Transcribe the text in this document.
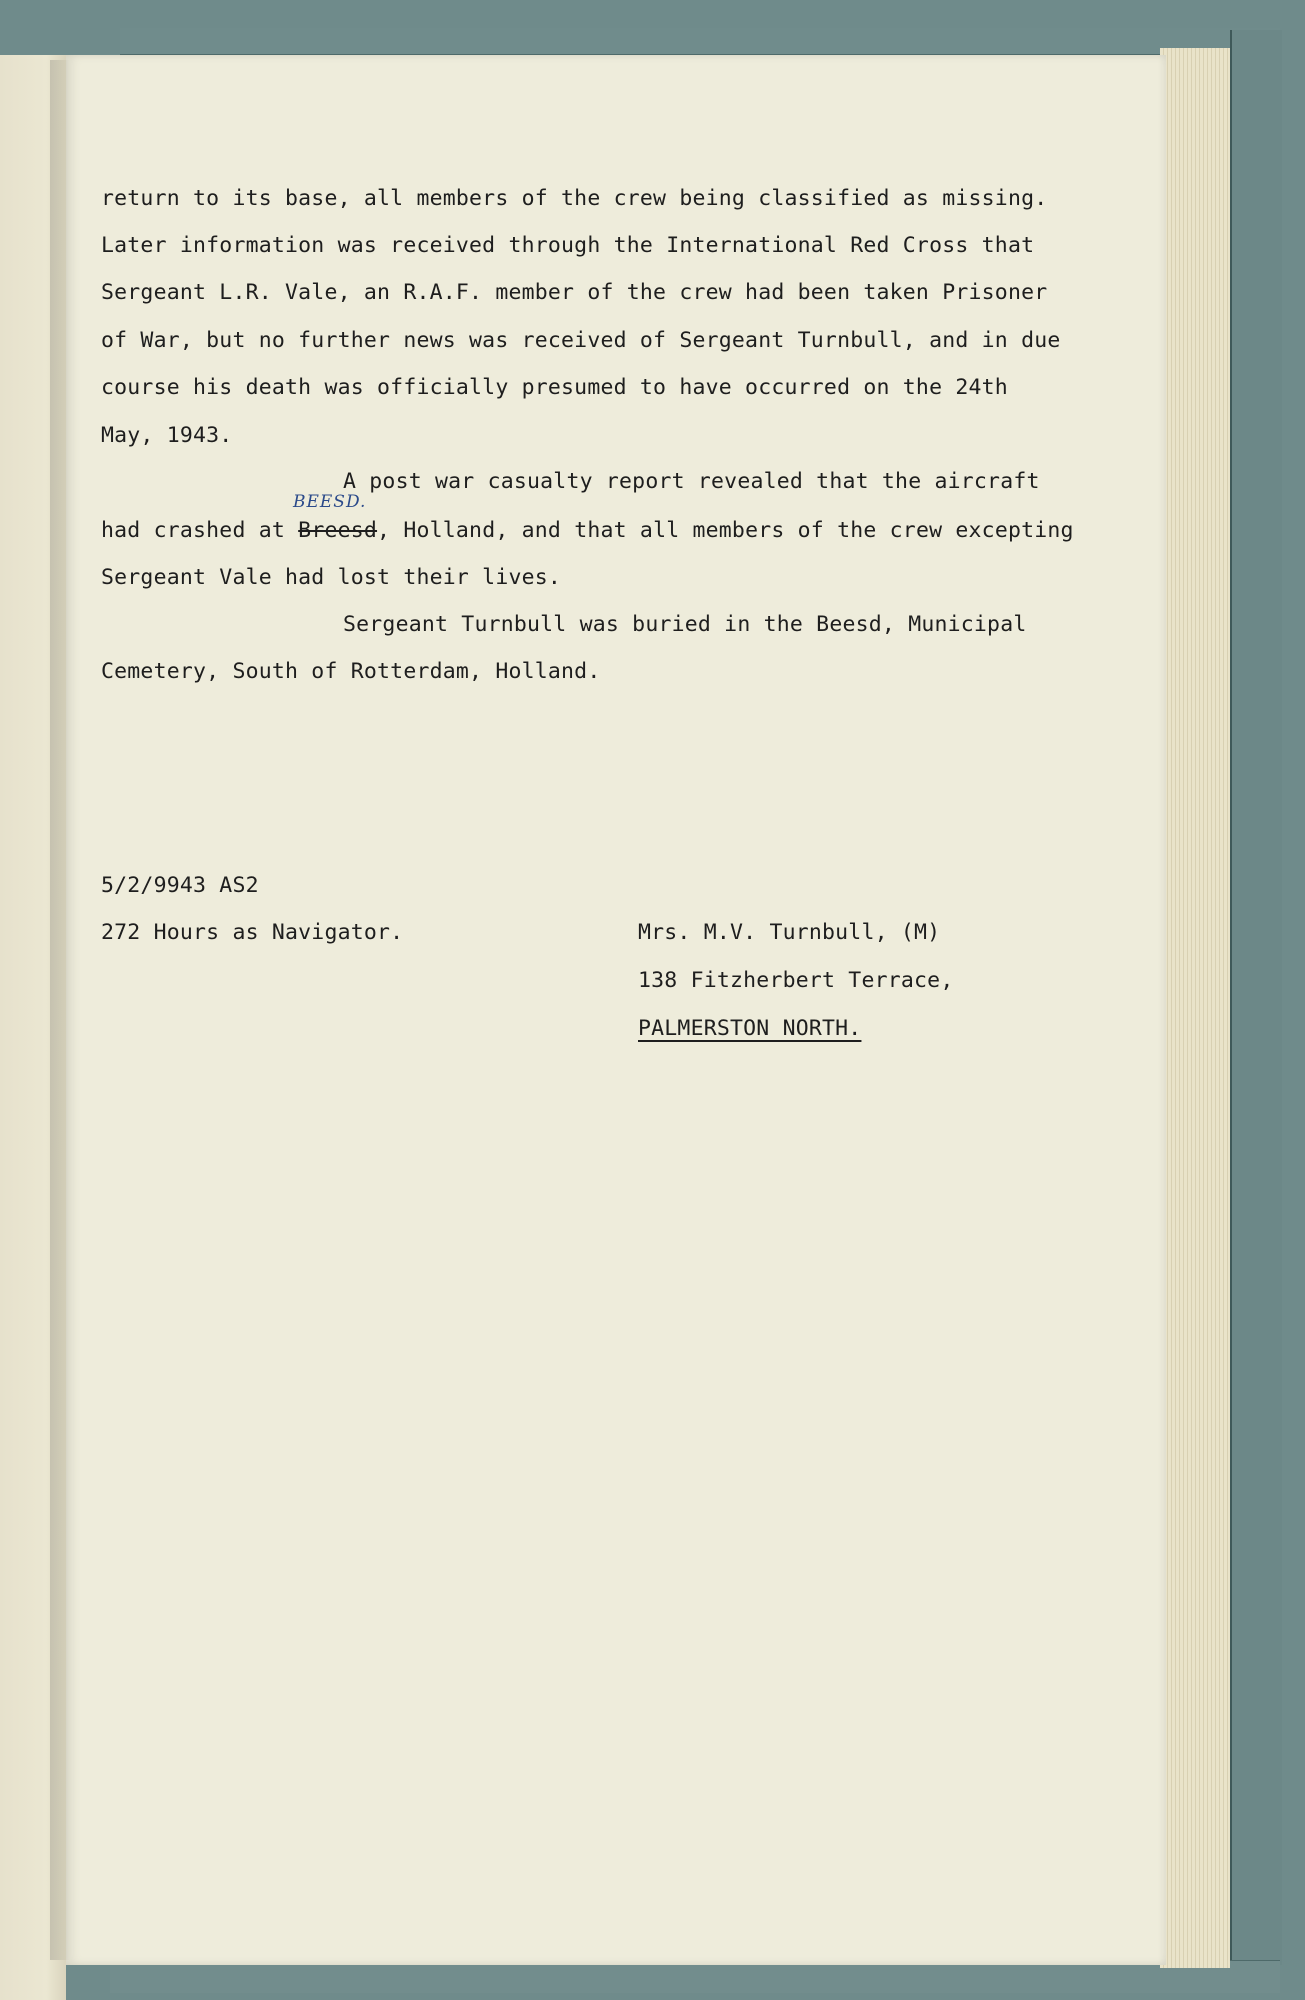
return to its base, all members of the crew being classified as missing.
Later information was received through the International Red Cross that
Sergeant L.R. Vale, an R.A.F. member of the crew had been taken Prisoner
of War, but no further news was received of Sergeant Turnbull, and in due
course his death was officially presumed to have occurred on the 24th
May, 1943.
A post war casualty report revealed that the aircraft
BEESD.
had crashed at Breesd, Holland, and that all members of the crew excepting
Sergeant Vale had lost their lives.
Sergeant Turnbull was buried in the Beesd, Municipal
Cemetery, South of Rotterdam, Holland.
5/2/9943 AS2
272 Hours as Navigator.	Mrs. M.V. Turnbull, (M)
138 Fitzherbert Terrace,
PALMERSTON NORTH.
